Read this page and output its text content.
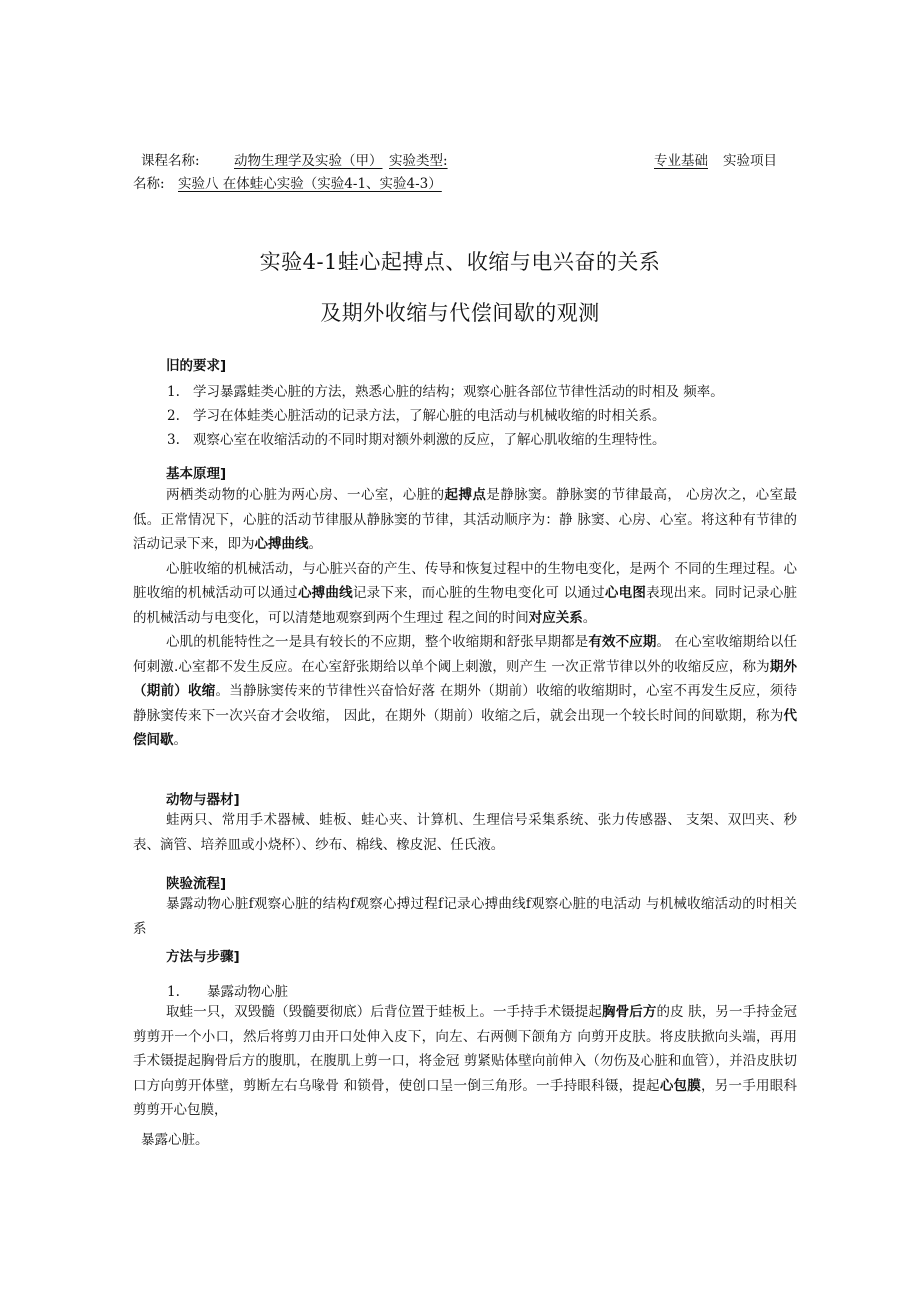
课程名称:	动物生理学及实验（甲） 实验类型:	专业基础 实验项目
名称: 实验八 在体蛙心实验（实验4-1、实验4-3）
实验4-1蛙心起搏点、收缩与电兴奋的关系
及期外收缩与代偿间歇的观测
旧的要求]
1. 学习暴露蛙类心脏的方法，熟悉心脏的结构；观察心脏各部位节律性活动的时相及 频率。
2. 学习在体蛙类心脏活动的记录方法，了解心脏的电活动与机械收缩的时相关系。
3. 观察心室在收缩活动的不同时期对额外刺激的反应，了解心肌收缩的生理特性。
基本原理]

两栖类动物的心脏为两心房、一心室，心脏的起搏点是静脉窦。静脉窦的节律最高， 心房次之，心室最低。正常情况下，心脏的活动节律服从静脉窦的节律，其活动顺序为：静 脉窦、心房、心室。将这种有节律的活动记录下来，即为心搏曲线。

心脏收缩的机械活动，与心脏兴奋的产生、传导和恢复过程中的生物电变化，是两个 不同的生理过程。心脏收缩的机械活动可以通过心搏曲线记录下来，而心脏的生物电变化可 以通过心电图表现出来。同时记录心脏的机械活动与电变化，可以清楚地观察到两个生理过 程之间的时间对应关系。

心肌的机能特性之一是具有较长的不应期，整个收缩期和舒张早期都是有效不应期。 在心室收缩期给以任何刺激.心室都不发生反应。在心室舒张期给以单个阈上刺激，则产生 一次正常节律以外的收缩反应，称为期外（期前）收缩。当静脉窦传来的节律性兴奋恰好落 在期外（期前）收缩的收缩期时，心室不再发生反应，须待静脉窦传来下一次兴奋才会收缩， 因此，在期外（期前）收缩之后，就会出现一个较长时间的间歇期，称为代偿间歇。

动物与器材]

蛙两只、常用手术器械、蛙板、蛙心夹、计算机、生理信号采集系统、张力传感器、 支架、双凹夹、秒表、滴管、培养皿或小烧杯）、纱布、棉线、橡皮泥、任氏液。

陕验流程]

暴露动物心脏f观察心脏的结构f观察心搏过程f记录心搏曲线f观察心脏的电活动 与机械收缩活动的时相关系

方法与步骤]
1. 暴露动物心脏

取蛙一只，双毁髓（毁髓要彻底）后背位置于蛙板上。一手持手术镊提起胸骨后方的皮 肤，另一手持金冠剪剪开一个小口，然后将剪刀由开口处伸入皮下，向左、右两侧下颌角方 向剪开皮肤。将皮肤掀向头端，再用手术镊提起胸骨后方的腹肌，在腹肌上剪一口，将金冠 剪紧贴体壁向前伸入（勿伤及心脏和血管），并沿皮肤切口方向剪开体壁，剪断左右乌喙骨 和锁骨，使创口呈一倒三角形。一手持眼科镊，提起心包膜，另一手用眼科剪剪开心包膜，

暴露心脏。
